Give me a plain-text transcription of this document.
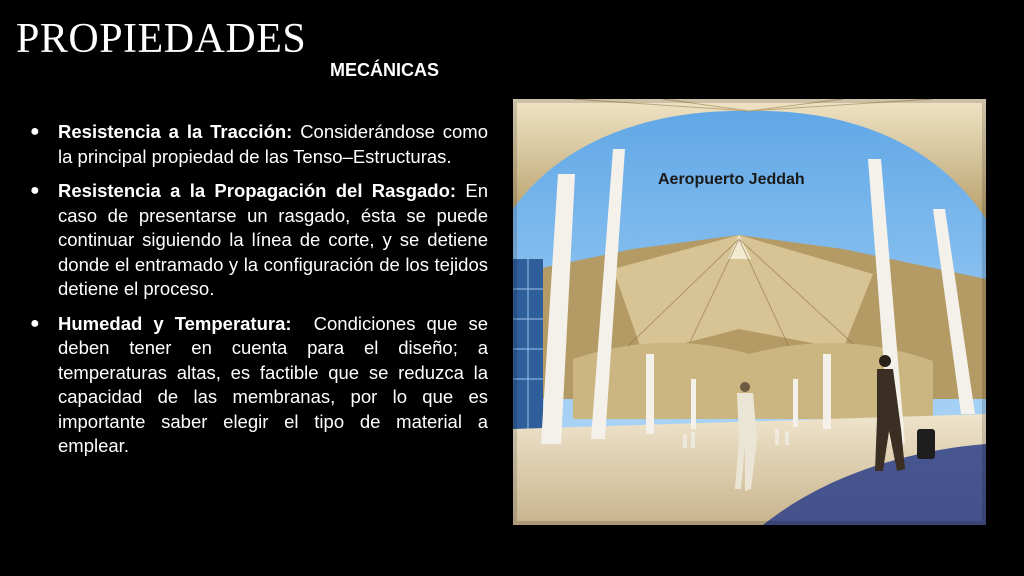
PROPIEDADES
MECÁNICAS
● Resistencia a la Tracción: Considerándose como la principal propiedad de las Tenso–Estructuras.
● Resistencia a la Propagación del Rasgado: En caso de presentarse un rasgado, ésta se puede continuar siguiendo la línea de corte, y se detiene donde el entramado y la configuración de los tejidos detiene el proceso.
● Humedad y Temperatura:  Condiciones que se deben tener en cuenta para el diseño; a temperaturas altas, es factible que se reduzca la capacidad de las membranas, por lo que es importante saber elegir el tipo de material a emplear.
Aeropuerto Jeddah
